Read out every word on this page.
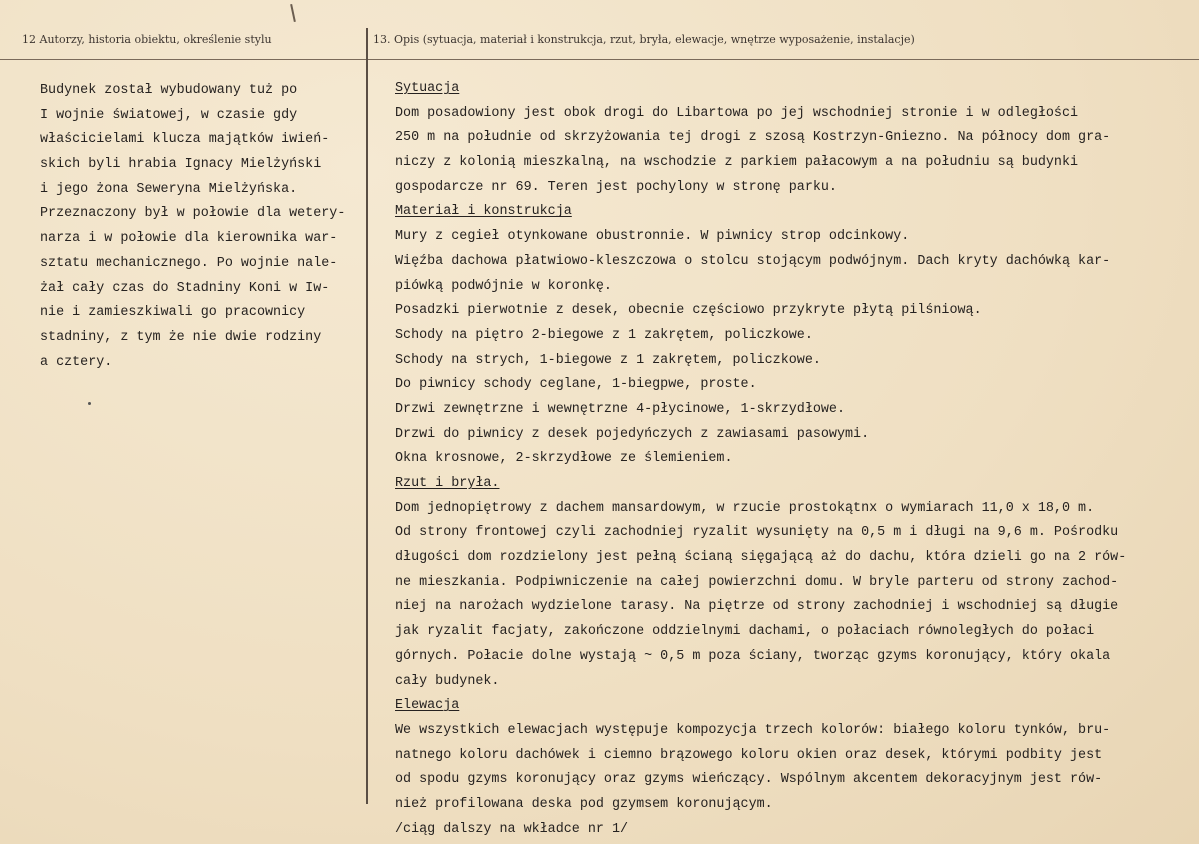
12 Autorzy, historia obiektu, określenie stylu	13. Opis (sytuacja, materiał i konstrukcja, rzut, bryła, elewacje, wnętrze wyposażenie, instalacje)
Budynek został wybudowany tuż po
I wojnie światowej, w czasie gdy
właścicielami klucza majątków iwień-
skich byli hrabia Ignacy Mielżyński
i jego żona Seweryna Mielżyńska.
Przeznaczony był w połowie dla wetery-
narza i w połowie dla kierownika war-
sztatu mechanicznego. Po wojnie nale-
żał cały czas do Stadniny Koni w Iw-
nie i zamieszkiwali go pracownicy
stadniny, z tym że nie dwie rodziny
a cztery.
Sytuacja
Dom posadowiony jest obok drogi do Libartowa po jej wschodniej stronie i w odległości
250 m na południe od skrzyżowania tej drogi z szosą Kostrzyn-Gniezno. Na północy dom gra-
niczy z kolonią mieszkalną, na wschodzie z parkiem pałacowym a na południu są budynki
gospodarcze nr 69. Teren jest pochylony w stronę parku.
Materiał i konstrukcja
Mury z cegieł otynkowane obustronnie. W piwnicy strop odcinkowy.
Więźba dachowa płatwiowo-kleszczowa o stolcu stojącym podwójnym. Dach kryty dachówką kar-
piówką podwójnie w koronkę.
Posadzki pierwotnie z desek, obecnie częściowo przykryte płytą pilśniową.
Schody na piętro 2-biegowe z 1 zakrętem, policzkowe.
Schody na strych, 1-biegowe z 1 zakrętem, policzkowe.
Do piwnicy schody ceglane, 1-biegpwe, proste.
Drzwi zewnętrzne i wewnętrzne 4-płycinowe, 1-skrzydłowe.
Drzwi do piwnicy z desek pojedyńczych z zawiasami pasowymi.
Okna krosnowe, 2-skrzydłowe ze ślemieniem.
Rzut i bryła.
Dom jednopiętrowy z dachem mansardowym, w rzucie prostokątnx o wymiarach 11,0 x 18,0 m.
Od strony frontowej czyli zachodniej ryzalit wysunięty na 0,5 m i długi na 9,6 m. Pośrodku
długości dom rozdzielony jest pełną ścianą sięgającą aż do dachu, która dzieli go na 2 rów-
ne mieszkania. Podpiwniczenie na całej powierzchni domu. W bryle parteru od strony zachod-
niej na narożach wydzielone tarasy. Na piętrze od strony zachodniej i wschodniej są długie
jak ryzalit facjaty, zakończone oddzielnymi dachami, o połaciach równoległych do połaci
górnych. Połacie dolne wystają ~ 0,5 m poza ściany, tworząc gzyms koronujący, który okala
cały budynek.
Elewacja
We wszystkich elewacjach występuje kompozycja trzech kolorów: białego koloru tynków, bru-
natnego koloru dachówek i ciemno brązowego koloru okien oraz desek, którymi podbity jest
od spodu gzyms koronujący oraz gzyms wieńczący. Wspólnym akcentem dekoracyjnym jest rów-
nież profilowana deska pod gzymsem koronującym.
/ciąg dalszy na wkładce nr 1/
